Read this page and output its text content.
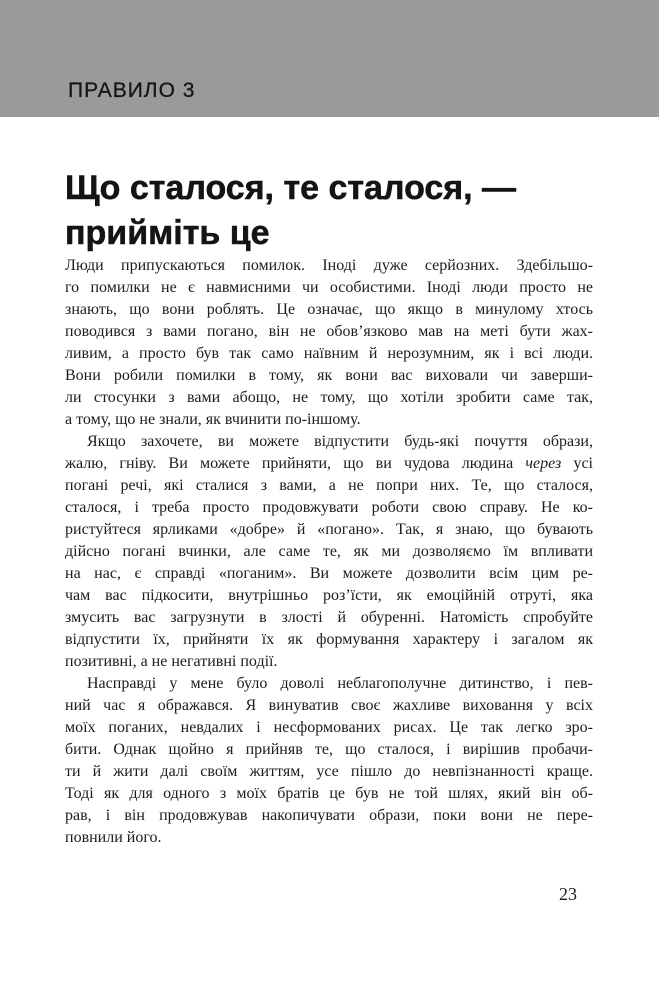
ПРАВИЛО 3
Що сталося, те сталося, —
прийміть це
Люди припускаються помилок. Іноді дуже серйозних. Здебільшо-
го помилки не є навмисними чи особистими. Іноді люди просто не
знають, що вони роблять. Це означає, що якщо в минулому хтось
поводився з вами погано, він не обов’язково мав на меті бути жах-
ливим, а просто був так само наївним й нерозумним, як і всі люди.
Вони робили помилки в тому, як вони вас виховали чи заверши-
ли стосунки з вами абощо, не тому, що хотіли зробити саме так,
а тому, що не знали, як вчинити по-іншому.
Якщо захочете, ви можете відпустити будь-які почуття образи,
жалю, гніву. Ви можете прийняти, що ви чудова людина через усі
погані речі, які сталися з вами, а не попри них. Те, що сталося,
сталося, і треба просто продовжувати роботи свою справу. Не ко-
ристуйтеся ярликами «добре» й «погано». Так, я знаю, що бувають
дійсно погані вчинки, але саме те, як ми дозволяємо їм впливати
на нас, є справді «поганим». Ви можете дозволити всім цим ре-
чам вас підкосити, внутрішньо роз’їсти, як емоційній отруті, яка
змусить вас загрузнути в злості й обуренні. Натомість спробуйте
відпустити їх, прийняти їх як формування характеру і загалом як
позитивні, а не негативні події.
Насправді у мене було доволі неблагополучне дитинство, і пев-
ний час я ображався. Я винуватив своє жахливе виховання у всіх
моїх поганих, невдалих і несформованих рисах. Це так легко зро-
бити. Однак щойно я прийняв те, що сталося, і вирішив пробачи-
ти й жити далі своїм життям, усе пішло до невпізнанності краще.
Тоді як для одного з моїх братів це був не той шлях, який він об-
рав, і він продовжував накопичувати образи, поки вони не пере-
повнили його.
23
